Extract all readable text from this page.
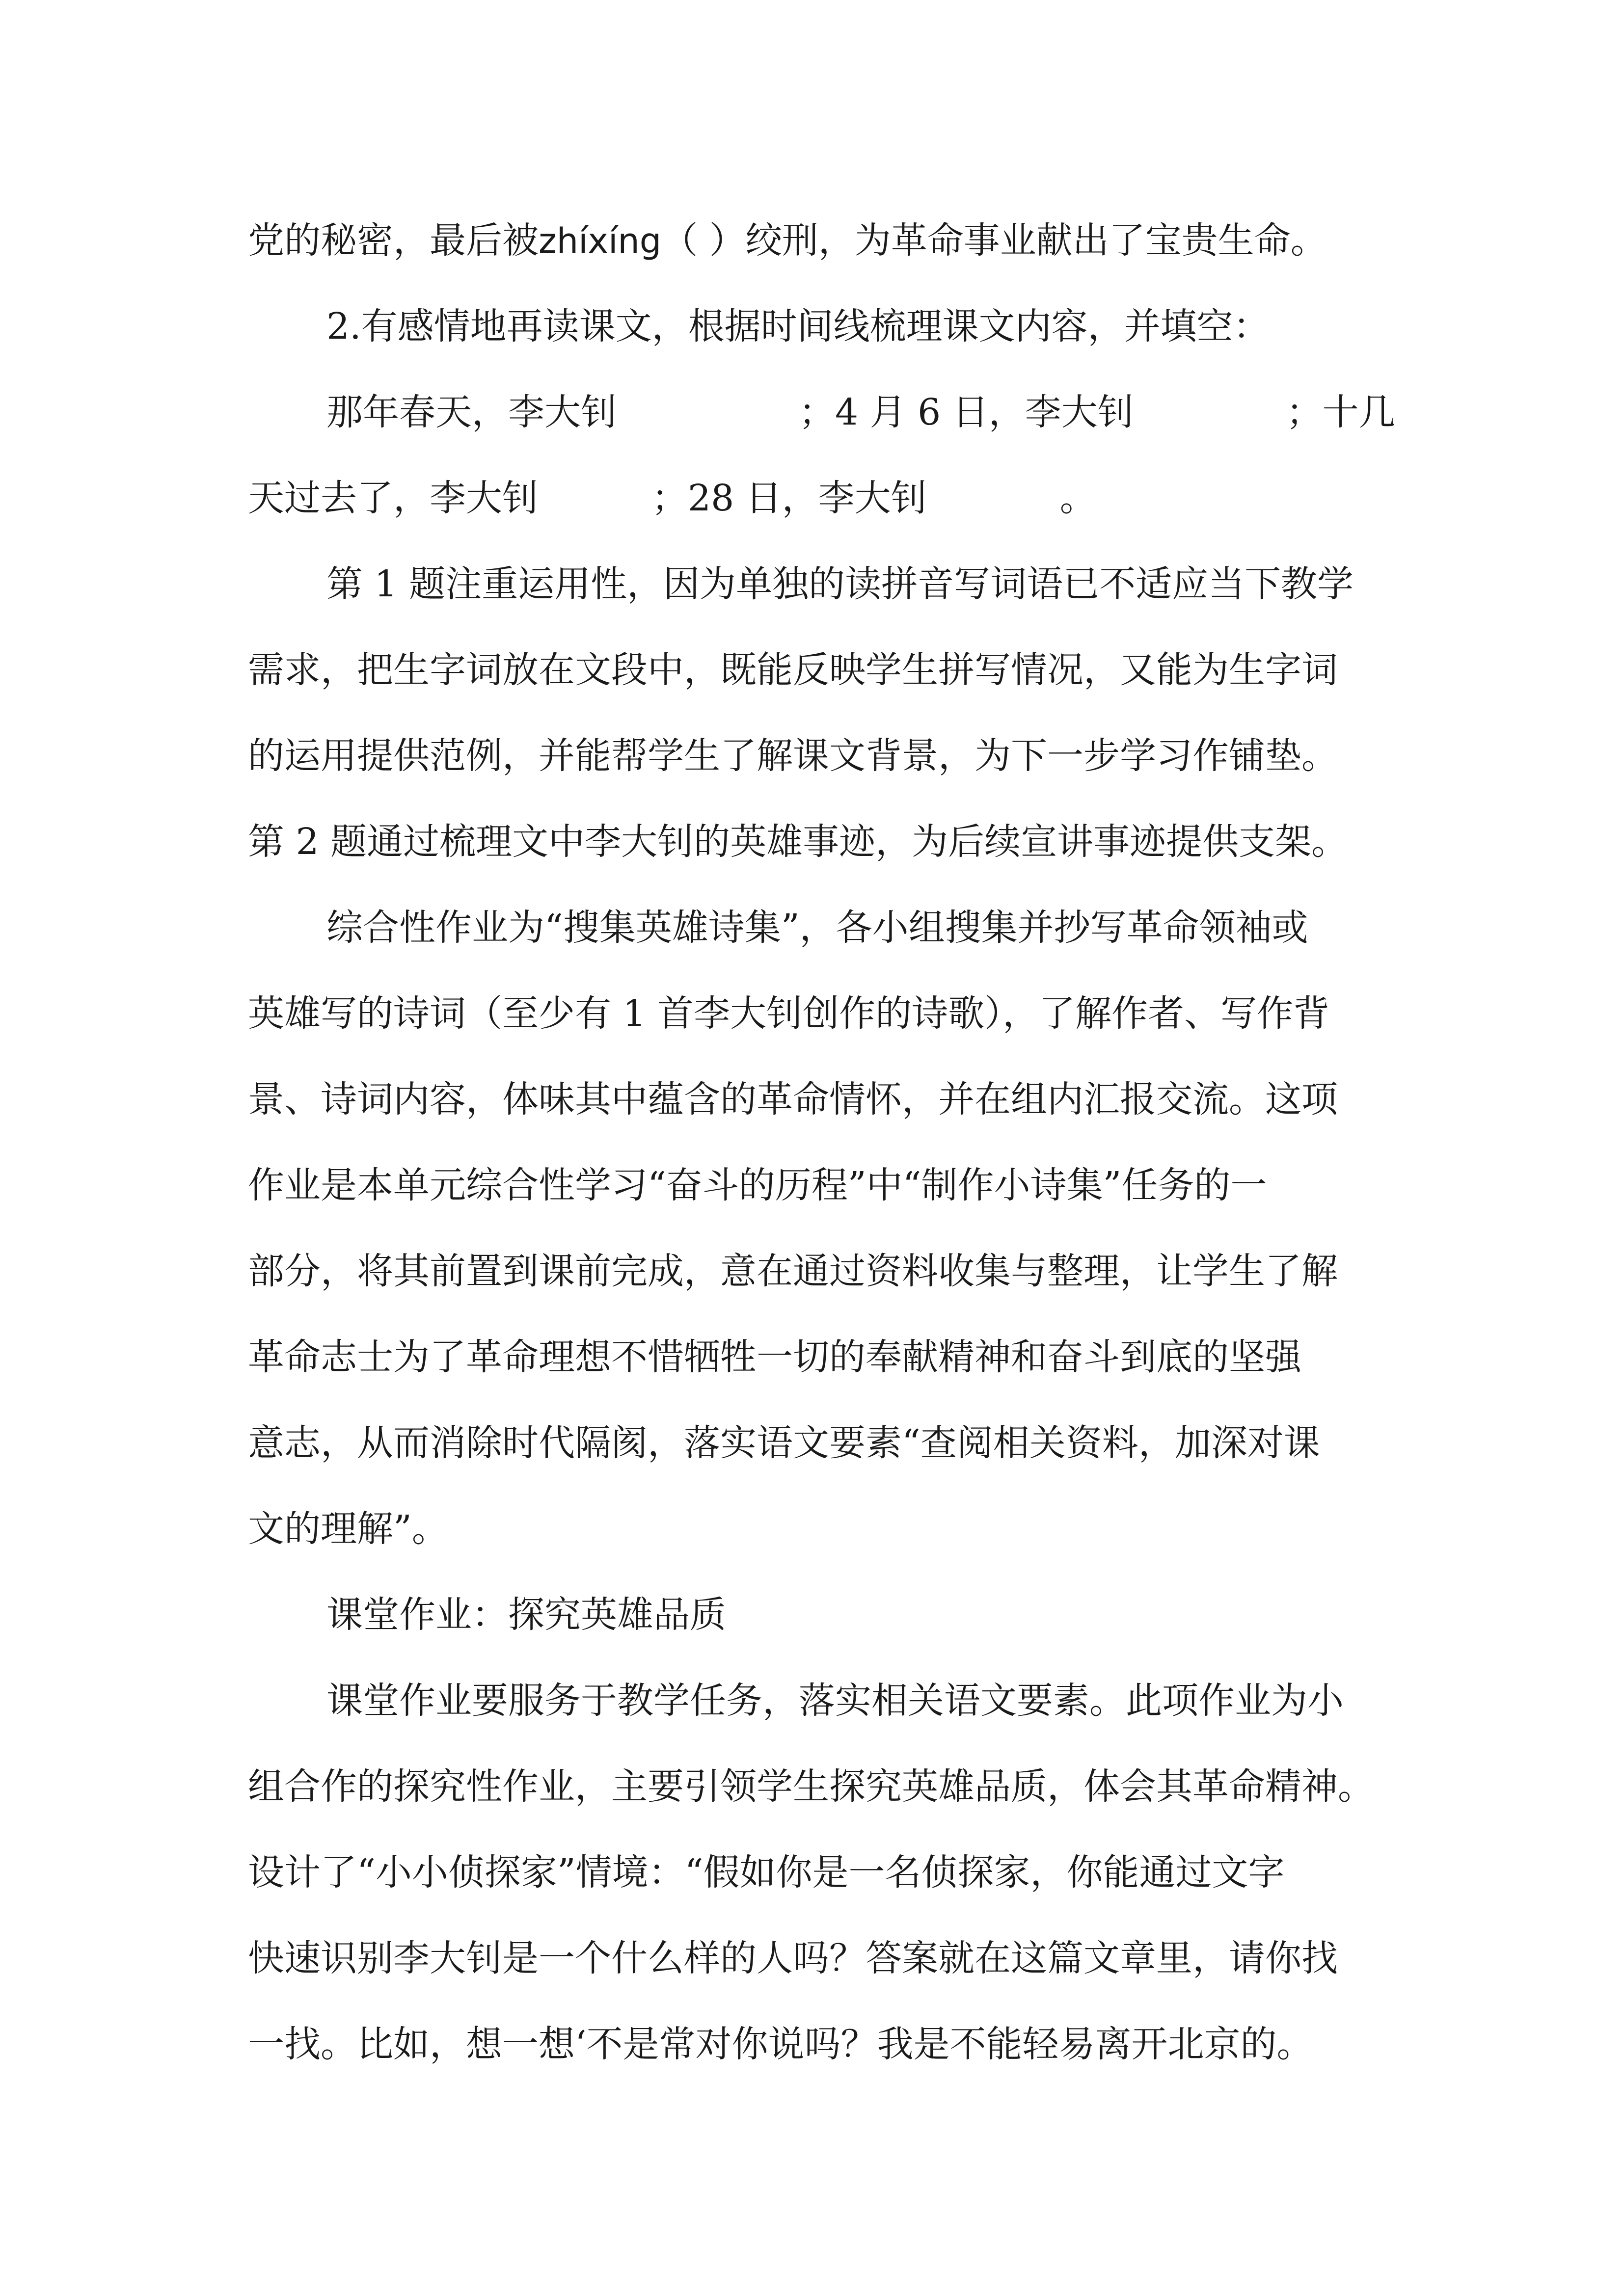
党的秘密，最后被zhíxíng（ ）绞刑，为革命事业献出了宝贵生命。
2.有感情地再读课文，根据时间线梳理课文内容，并填空：
那年春天，李大钊	；4 月 6 日，李大钊	；十几
天过去了，李大钊	；28 日，李大钊	。
第 1 题注重运用性，因为单独的读拼音写词语已不适应当下教学
需求，把生字词放在文段中，既能反映学生拼写情况，又能为生字词
的运用提供范例，并能帮学生了解课文背景，为下一步学习作铺垫。
第 2 题通过梳理文中李大钊的英雄事迹，为后续宣讲事迹提供支架。
综合性作业为“搜集英雄诗集”，各小组搜集并抄写革命领袖或
英雄写的诗词（至少有 1 首李大钊创作的诗歌），了解作者、写作背
景、诗词内容，体味其中蕴含的革命情怀，并在组内汇报交流。这项
作业是本单元综合性学习“奋斗的历程”中“制作小诗集”任务的一
部分，将其前置到课前完成，意在通过资料收集与整理，让学生了解
革命志士为了革命理想不惜牺牲一切的奉献精神和奋斗到底的坚强
意志，从而消除时代隔阂，落实语文要素“查阅相关资料，加深对课
文的理解”。
课堂作业：探究英雄品质
课堂作业要服务于教学任务，落实相关语文要素。此项作业为小
组合作的探究性作业，主要引领学生探究英雄品质，体会其革命精神。
设计了“小小侦探家”情境：“假如你是一名侦探家，你能通过文字
快速识别李大钊是一个什么样的人吗？答案就在这篇文章里，请你找
一找。比如，想一想‘不是常对你说吗？我是不能轻易离开北京的。
